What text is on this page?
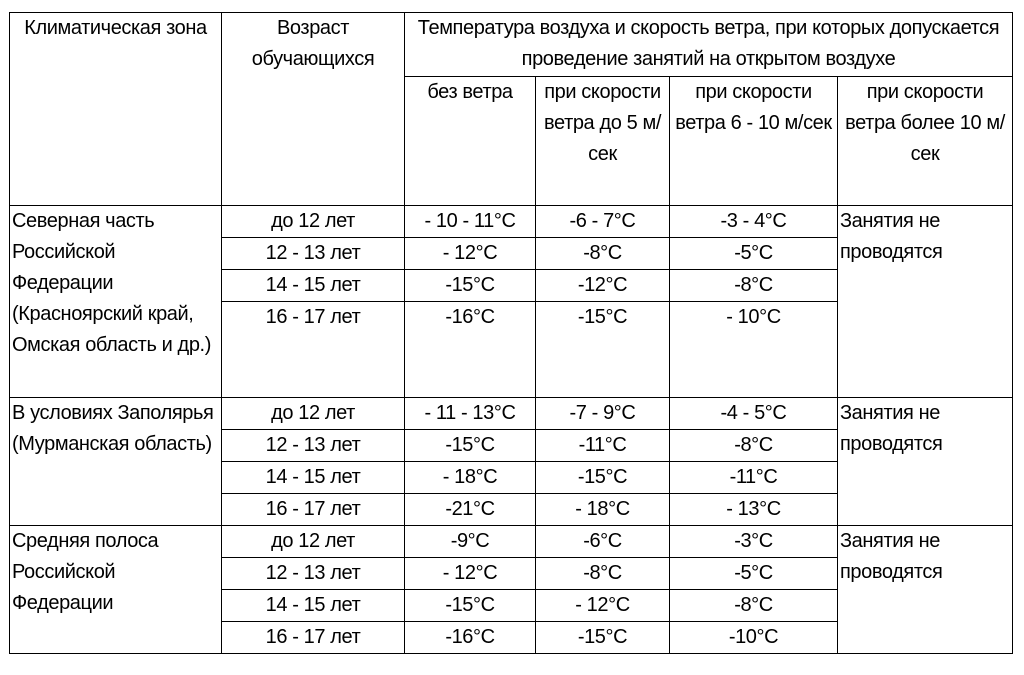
Климатическая зона	Возраст обучающихся	Температура воздуха и скорость ветра, при которых допускается проведение занятий на открытом воздухе			
		без ветра	при скорости ветра до 5 м/сек	при скорости ветра 6 - 10 м/сек	при скорости ветра более 10 м/сек
Северная часть Российской Федерации (Красноярский край, Омская область и др.)	до 12 лет	- 10 - 11°С	-6 - 7°С	-3 - 4°С	Занятия не проводятся
	12 - 13 лет	- 12°С	-8°С	-5°С	
	14 - 15 лет	-15°С	-12°С	-8°С	
	16 - 17 лет	-16°С	-15°С	- 10°С	
В условиях Заполярья (Мурманская область)	до 12 лет	- 11 - 13°С	-7 - 9°С	-4 - 5°С	Занятия не проводятся
	12 - 13 лет	-15°С	-11°С	-8°С	
	14 - 15 лет	- 18°С	-15°С	-11°С	
	16 - 17 лет	-21°С	- 18°С	- 13°С	
Средняя полоса Российской Федерации	до 12 лет	-9°С	-6°С	-3°С	Занятия не проводятся
	12 - 13 лет	- 12°С	-8°С	-5°С	
	14 - 15 лет	-15°С	- 12°С	-8°С	
	16 - 17 лет	-16°С	-15°С	-10°С	
